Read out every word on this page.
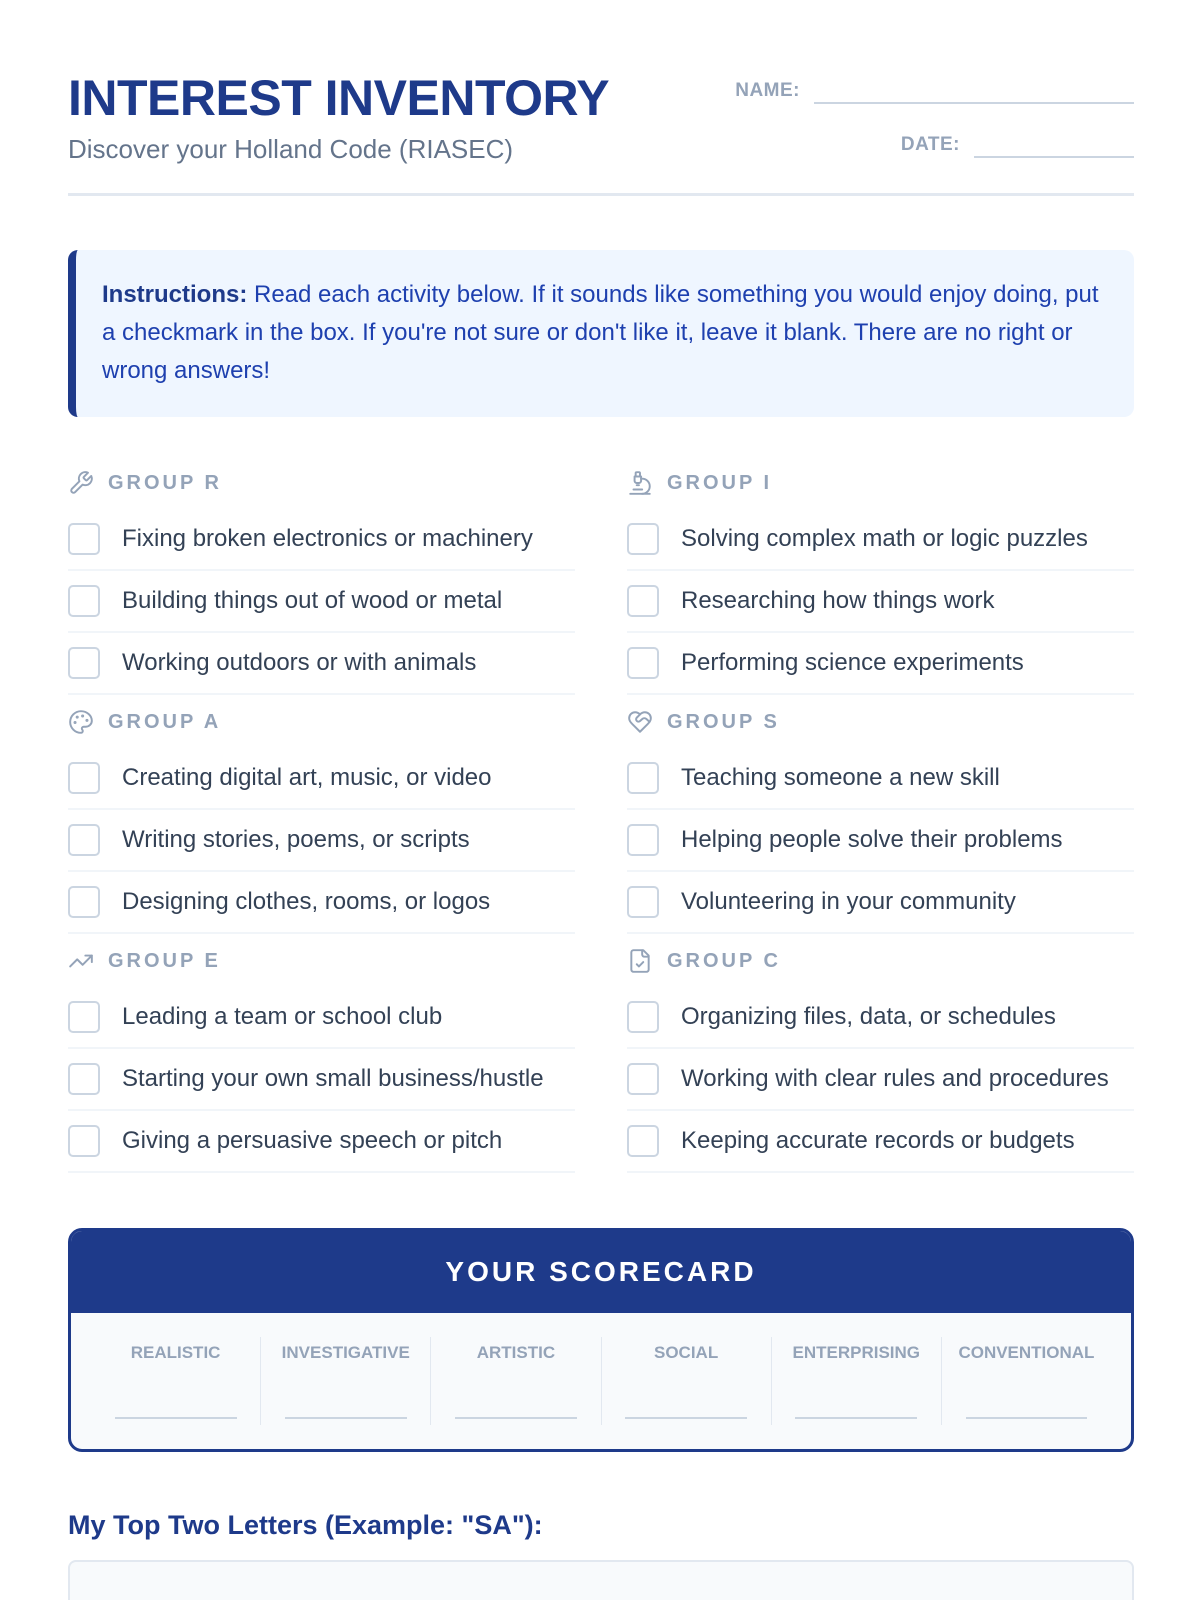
INTEREST INVENTORY
Discover your Holland Code (RIASEC)
NAME:
DATE:
Instructions: Read each activity below. If it sounds like something you would enjoy doing, put a checkmark in the box. If you're not sure or don't like it, leave it blank. There are no right or wrong answers!
GROUP R
Fixing broken electronics or machinery
Building things out of wood or metal
Working outdoors or with animals
GROUP I
Solving complex math or logic puzzles
Researching how things work
Performing science experiments
GROUP A
Creating digital art, music, or video
Writing stories, poems, or scripts
Designing clothes, rooms, or logos
GROUP S
Teaching someone a new skill
Helping people solve their problems
Volunteering in your community
GROUP E
Leading a team or school club
Starting your own small business/hustle
Giving a persuasive speech or pitch
GROUP C
Organizing files, data, or schedules
Working with clear rules and procedures
Keeping accurate records or budgets
YOUR SCORECARD
REALISTIC	INVESTIGATIVE	ARTISTIC	SOCIAL	ENTERPRISING	CONVENTIONAL
My Top Two Letters (Example: "SA"):
